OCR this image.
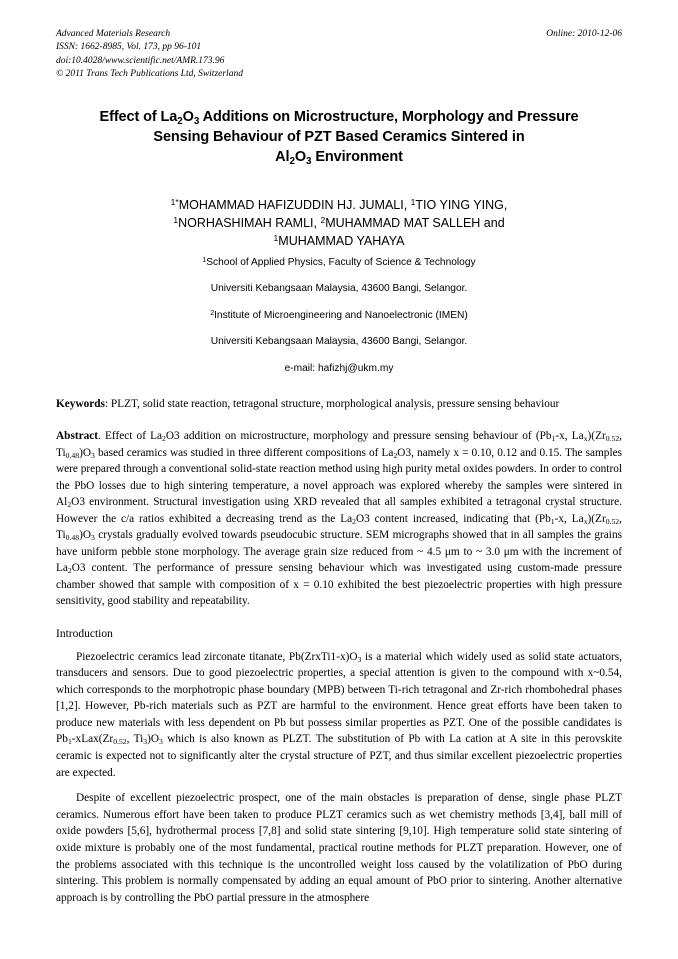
Online: 2010-12-06
Advanced Materials Research
ISSN: 1662-8985, Vol. 173, pp 96-101
doi:10.4028/www.scientific.net/AMR.173.96
© 2011 Trans Tech Publications Ltd, Switzerland
Effect of $La_2O_3$ Additions on Microstructure, Morphology and Pressure
Sensing Behaviour of PZT Based Ceramics Sintered in
$Al_2O_3$ Environment
$^{1*}$MOHAMMAD HAFIZUDDIN HJ. JUMALI, $^1$TIO YING YING,
$^1$NORHASHIMAH RAMLI, $^2$MUHAMMAD MAT SALLEH and
$^1$MUHAMMAD YAHAYA
$^1$School of Applied Physics, Faculty of Science & Technology
Universiti Kebangsaan Malaysia, 43600 Bangi, Selangor.
$^2$Institute of Microengineering and Nanoelectronic (IMEN)
Universiti Kebangsaan Malaysia, 43600 Bangi, Selangor.
e-mail: hafizhj@ukm.my
Keywords: PLZT, solid state reaction, tetragonal structure, morphological analysis, pressure sensing behaviour
Abstract. Effect of $La_2O3$ addition on microstructure, morphology and pressure sensing behaviour of ($Pb_1-x$, $La_x)(Zr_{0.52}$, $Ti_{0.48})O_3$ based ceramics was studied in three different compositions of $La_2O3$, namely x = 0.10, 0.12 and 0.15. The samples were prepared through a conventional solid-state reaction method using high purity metal oxides powders. In order to control the PbO losses due to high sintering temperature, a novel approach was explored whereby the samples were sintered in $Al_2O3$ environment. Structural investigation using XRD revealed that all samples exhibited a tetragonal crystal structure. However the c/a ratios exhibited a decreasing trend as the $La_2O3$ content increased, indicating that ($Pb_1-x$, $La_x)(Zr_{0.52}$, $Ti_{0.48})O_3$ crystals gradually evolved towards pseudocubic structure. SEM micrographs showed that in all samples the grains have uniform pebble stone morphology. The average grain size reduced from ~ 4.5 μm to ~ 3.0 μm with the increment of $La_2O3$ content. The performance of pressure sensing behaviour which was investigated using custom-made pressure chamber showed that sample with composition of x = 0.10 exhibited the best piezoelectric properties with high pressure sensitivity, good stability and repeatability.
Introduction
Piezoelectric ceramics lead zirconate titanate, $Pb(ZrxTi1-x)O_3$ is a material which widely used as solid state actuators, transducers and sensors. Due to good piezoelectric properties, a special attention is given to the compound with x~0.54, which corresponds to the morphotropic phase boundary (MPB) between Ti-rich tetragonal and Zr-rich rhombohedral phases [1,2]. However, Pb-rich materials such as PZT are harmful to the environment. Hence great efforts have been taken to produce new materials with less dependent on Pb but possess similar properties as PZT. One of the possible candidates is $Pb_1-xLax(Zr_{0.52}$, $Ti_3)O_3$ which is also known as PLZT. The substitution of Pb with La cation at A site in this perovskite ceramic is expected not to significantly alter the crystal structure of PZT, and thus similar excellent piezoelectric properties are expected.
Despite of excellent piezoelectric prospect, one of the main obstacles is preparation of dense, single phase PLZT ceramics. Numerous effort have been taken to produce PLZT ceramics such as wet chemistry methods [3,4], ball mill of oxide powders [5,6], hydrothermal process [7,8] and solid state sintering [9,10]. High temperature solid state sintering of oxide mixture is probably one of the most fundamental, practical routine methods for PLZT preparation. However, one of the problems associated with this technique is the uncontrolled weight loss caused by the volatilization of PbO during sintering. This problem is normally compensated by adding an equal amount of PbO prior to sintering. Another alternative approach is by controlling the PbO partial pressure in the atmosphere
